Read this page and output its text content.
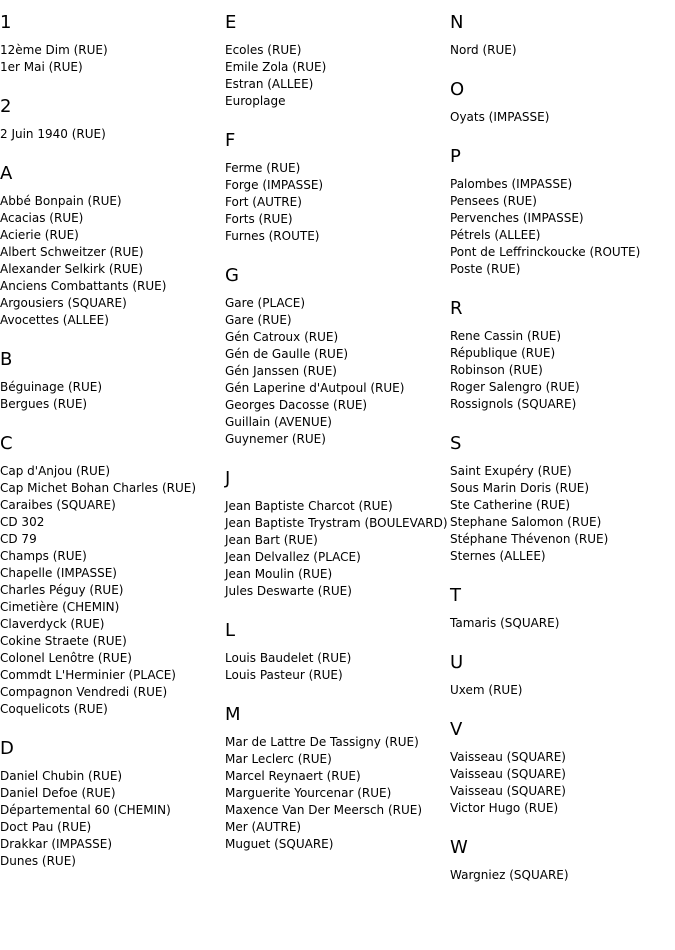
1
12ème Dim (RUE)
1er Mai (RUE)
2
2 Juin 1940 (RUE)
A
Abbé Bonpain (RUE)
Acacias (RUE)
Acierie (RUE)
Albert Schweitzer (RUE)
Alexander Selkirk (RUE)
Anciens Combattants (RUE)
Argousiers (SQUARE)
Avocettes (ALLEE)
B
Béguinage (RUE)
Bergues (RUE)
C
Cap d'Anjou (RUE)
Cap Michet Bohan Charles (RUE)
Caraibes (SQUARE)
CD 302
CD 79
Champs (RUE)
Chapelle (IMPASSE)
Charles Péguy (RUE)
Cimetière (CHEMIN)
Claverdyck (RUE)
Cokine Straete (RUE)
Colonel Lenôtre (RUE)
Commdt L'Herminier (PLACE)
Compagnon Vendredi (RUE)
Coquelicots (RUE)
D
Daniel Chubin (RUE)
Daniel Defoe (RUE)
Départemental 60 (CHEMIN)
Doct Pau (RUE)
Drakkar (IMPASSE)
Dunes (RUE)
E
Ecoles (RUE)
Emile Zola (RUE)
Estran (ALLEE)
Europlage
F
Ferme (RUE)
Forge (IMPASSE)
Fort (AUTRE)
Forts (RUE)
Furnes (ROUTE)
G
Gare (PLACE)
Gare (RUE)
Gén Catroux (RUE)
Gén de Gaulle (RUE)
Gén Janssen (RUE)
Gén Laperine d'Autpoul (RUE)
Georges Dacosse (RUE)
Guillain (AVENUE)
Guynemer (RUE)
J
Jean Baptiste Charcot (RUE)
Jean Baptiste Trystram (BOULEVARD)
Jean Bart (RUE)
Jean Delvallez (PLACE)
Jean Moulin (RUE)
Jules Deswarte (RUE)
L
Louis Baudelet (RUE)
Louis Pasteur (RUE)
M
Mar de Lattre De Tassigny (RUE)
Mar Leclerc (RUE)
Marcel Reynaert (RUE)
Marguerite Yourcenar (RUE)
Maxence Van Der Meersch (RUE)
Mer (AUTRE)
Muguet (SQUARE)
N
Nord (RUE)
O
Oyats (IMPASSE)
P
Palombes (IMPASSE)
Pensees (RUE)
Pervenches (IMPASSE)
Pétrels (ALLEE)
Pont de Leffrinckoucke (ROUTE)
Poste (RUE)
R
Rene Cassin (RUE)
République (RUE)
Robinson (RUE)
Roger Salengro (RUE)
Rossignols (SQUARE)
S
Saint Exupéry (RUE)
Sous Marin Doris (RUE)
Ste Catherine (RUE)
Stephane Salomon (RUE)
Stéphane Thévenon (RUE)
Sternes (ALLEE)
T
Tamaris (SQUARE)
U
Uxem (RUE)
V
Vaisseau (SQUARE)
Vaisseau (SQUARE)
Vaisseau (SQUARE)
Victor Hugo (RUE)
W
Wargniez (SQUARE)
